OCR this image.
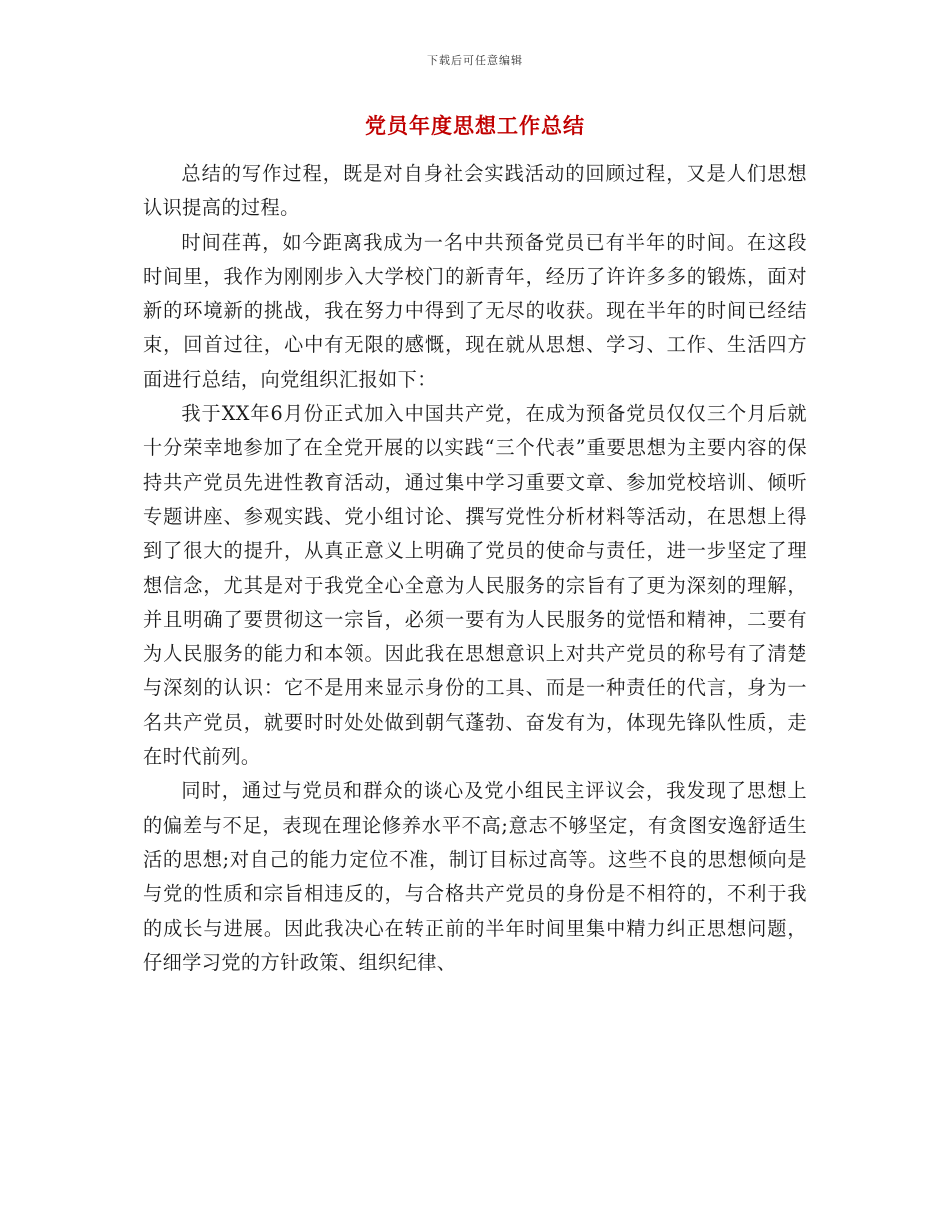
下载后可任意编辑
党员年度思想工作总结

总结的写作过程，既是对自身社会实践活动的回顾过程，又是人们思想认识提高的过程。

时间荏苒，如今距离我成为一名中共预备党员已有半年的时间。在这段时间里，我作为刚刚步入大学校门的新青年，经历了许许多多的锻炼，面对新的环境新的挑战，我在努力中得到了无尽的收获。现在半年的时间已经结束，回首过往，心中有无限的感慨，现在就从思想、学习、工作、生活四方面进行总结，向党组织汇报如下：

我于XX年6月份正式加入中国共产党，在成为预备党员仅仅三个月后就十分荣幸地参加了在全党开展的以实践“三个代表”重要思想为主要内容的保持共产党员先进性教育活动，通过集中学习重要文章、参加党校培训、倾听专题讲座、参观实践、党小组讨论、撰写党性分析材料等活动，在思想上得到了很大的提升，从真正意义上明确了党员的使命与责任，进一步坚定了理想信念，尤其是对于我党全心全意为人民服务的宗旨有了更为深刻的理解，并且明确了要贯彻这一宗旨，必须一要有为人民服务的觉悟和精神，二要有为人民服务的能力和本领。因此我在思想意识上对共产党员的称号有了清楚与深刻的认识：它不是用来显示身份的工具、而是一种责任的代言，身为一名共产党员，就要时时处处做到朝气蓬勃、奋发有为，体现先锋队性质，走在时代前列。

同时，通过与党员和群众的谈心及党小组民主评议会，我发现了思想上的偏差与不足，表现在理论修养水平不高;意志不够坚定，有贪图安逸舒适生活的思想;对自己的能力定位不准，制订目标过高等。这些不良的思想倾向是与党的性质和宗旨相违反的，与合格共产党员的身份是不相符的，不利于我的成长与进展。因此我决心在转正前的半年时间里集中精力纠正思想问题，仔细学习党的方针政策、组织纪律、
